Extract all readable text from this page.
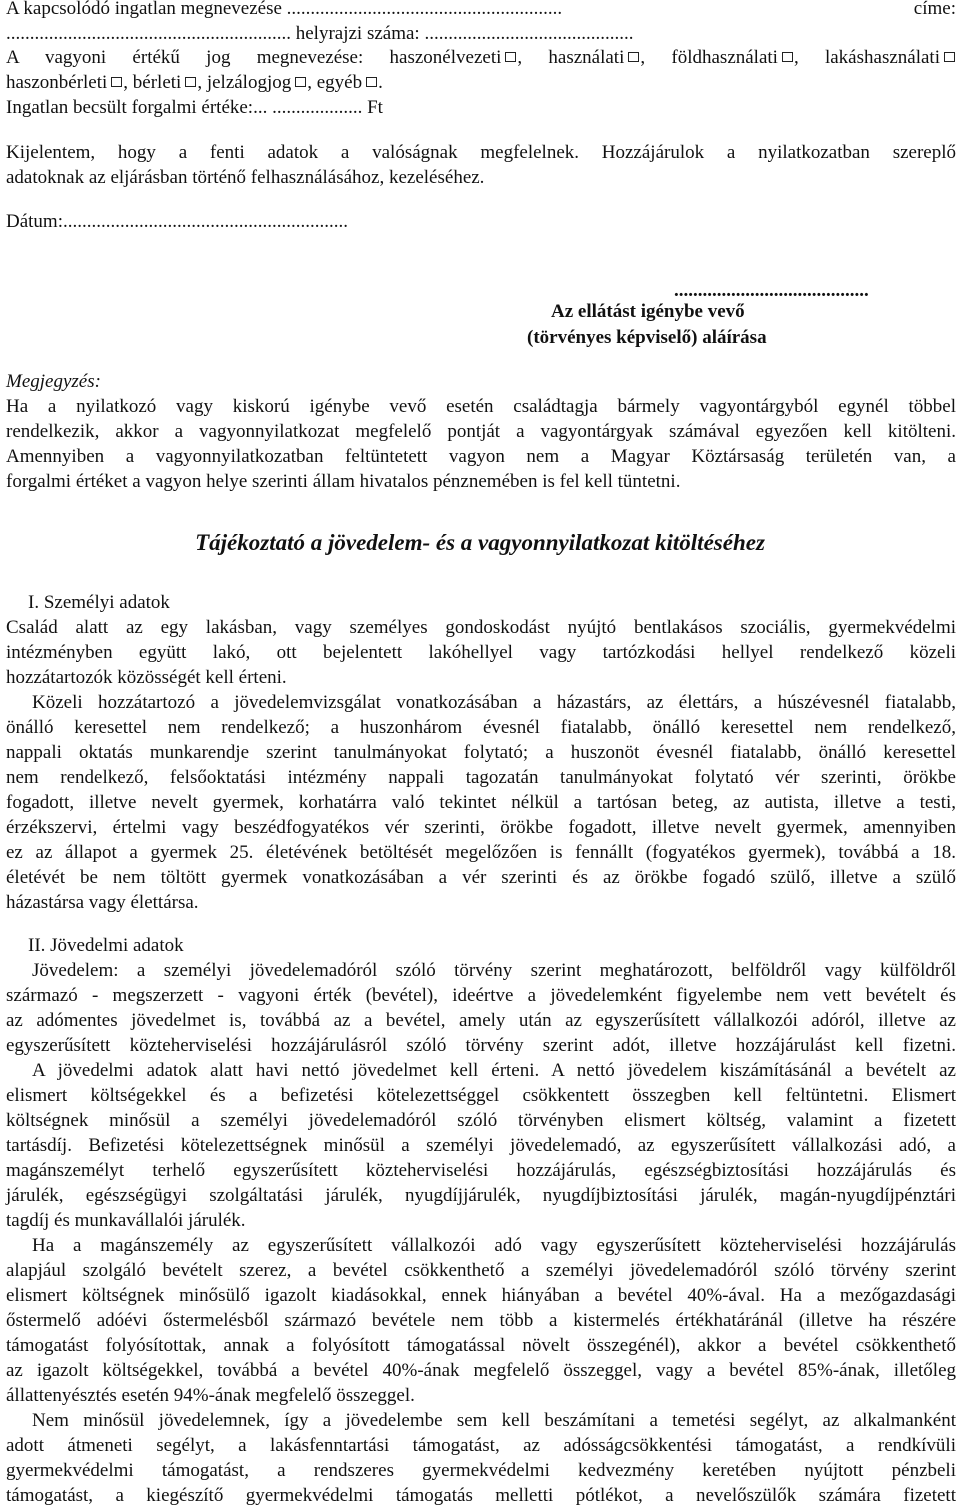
A kapcsolódó ingatlan megnevezése ..........................................................	címe:
............................................................ helyrajzi száma: ............................................
A vagyoni értékű jog megnevezése: haszonélvezeti , használati , földhasználati , lakáshasználati
haszonbérleti , bérleti , jelzálogjog , egyéb .
Ingatlan becsült forgalmi értéke:... ................... Ft
Kijelentem, hogy a fenti adatok a valóságnak megfelelnek. Hozzájárulok a nyilatkozatban szereplő
adatoknak az eljárásban történő felhasználásához, kezeléséhez.
Dátum:............................................................
.........................................
Az ellátást igénybe vevő
(törvényes képviselő) aláírása
Megjegyzés:
Ha a nyilatkozó vagy kiskorú igénybe vevő esetén családtagja bármely vagyontárgyból egynél többel
rendelkezik, akkor a vagyonnyilatkozat megfelelő pontját a vagyontárgyak számával egyezően kell kitölteni.
Amennyiben a vagyonnyilatkozatban feltüntetett vagyon nem a Magyar Köztársaság területén van, a
forgalmi értéket a vagyon helye szerinti állam hivatalos pénznemében is fel kell tüntetni.
Tájékoztató a jövedelem- és a vagyonnyilatkozat kitöltéséhez
I. Személyi adatok
Család alatt az egy lakásban, vagy személyes gondoskodást nyújtó bentlakásos szociális, gyermekvédelmi
intézményben együtt lakó, ott bejelentett lakóhellyel vagy tartózkodási hellyel rendelkező közeli
hozzátartozók közösségét kell érteni.
Közeli hozzátartozó a jövedelemvizsgálat vonatkozásában a házastárs, az élettárs, a húszévesnél fiatalabb,
önálló keresettel nem rendelkező; a huszonhárom évesnél fiatalabb, önálló keresettel nem rendelkező,
nappali oktatás munkarendje szerint tanulmányokat folytató; a huszonöt évesnél fiatalabb, önálló keresettel
nem rendelkező, felsőoktatási intézmény nappali tagozatán tanulmányokat folytató vér szerinti, örökbe
fogadott, illetve nevelt gyermek, korhatárra való tekintet nélkül a tartósan beteg, az autista, illetve a testi,
érzékszervi, értelmi vagy beszédfogyatékos vér szerinti, örökbe fogadott, illetve nevelt gyermek, amennyiben
ez az állapot a gyermek 25. életévének betöltését megelőzően is fennállt (fogyatékos gyermek), továbbá a 18.
életévét be nem töltött gyermek vonatkozásában a vér szerinti és az örökbe fogadó szülő, illetve a szülő
házastársa vagy élettársa.
II. Jövedelmi adatok
Jövedelem: a személyi jövedelemadóról szóló törvény szerint meghatározott, belföldről vagy külföldről
származó - megszerzett - vagyoni érték (bevétel), ideértve a jövedelemként figyelembe nem vett bevételt és
az adómentes jövedelmet is, továbbá az a bevétel, amely után az egyszerűsített vállalkozói adóról, illetve az
egyszerűsített közteherviselési hozzájárulásról szóló törvény szerint adót, illetve hozzájárulást kell fizetni.
A jövedelmi adatok alatt havi nettó jövedelmet kell érteni. A nettó jövedelem kiszámításánál a bevételt az
elismert költségekkel és a befizetési kötelezettséggel csökkentett összegben kell feltüntetni. Elismert
költségnek minősül a személyi jövedelemadóról szóló törvényben elismert költség, valamint a fizetett
tartásdíj. Befizetési kötelezettségnek minősül a személyi jövedelemadó, az egyszerűsített vállalkozási adó, a
magánszemélyt terhelő egyszerűsített közteherviselési hozzájárulás, egészségbiztosítási hozzájárulás és
járulék, egészségügyi szolgáltatási járulék, nyugdíjjárulék, nyugdíjbiztosítási járulék, magán-nyugdíjpénztári
tagdíj és munkavállalói járulék.
Ha a magánszemély az egyszerűsített vállalkozói adó vagy egyszerűsített közteherviselési hozzájárulás
alapjául szolgáló bevételt szerez, a bevétel csökkenthető a személyi jövedelemadóról szóló törvény szerint
elismert költségnek minősülő igazolt kiadásokkal, ennek hiányában a bevétel 40%-ával. Ha a mezőgazdasági
őstermelő adóévi őstermelésből származó bevétele nem több a kistermelés értékhatáránál (illetve ha részére
támogatást folyósítottak, annak a folyósított támogatással növelt összegénél), akkor a bevétel csökkenthető
az igazolt költségekkel, továbbá a bevétel 40%-ának megfelelő összeggel, vagy a bevétel 85%-ának, illetőleg
állattenyésztés esetén 94%-ának megfelelő összeggel.
Nem minősül jövedelemnek, így a jövedelembe sem kell beszámítani a temetési segélyt, az alkalmanként
adott átmeneti segélyt, a lakásfenntartási támogatást, az adósságcsökkentési támogatást, a rendkívüli
gyermekvédelmi támogatást, a rendszeres gyermekvédelmi kedvezmény keretében nyújtott pénzbeli
támogatást, a kiegészítő gyermekvédelmi támogatás melletti pótlékot, a nevelőszülők számára fizetett
